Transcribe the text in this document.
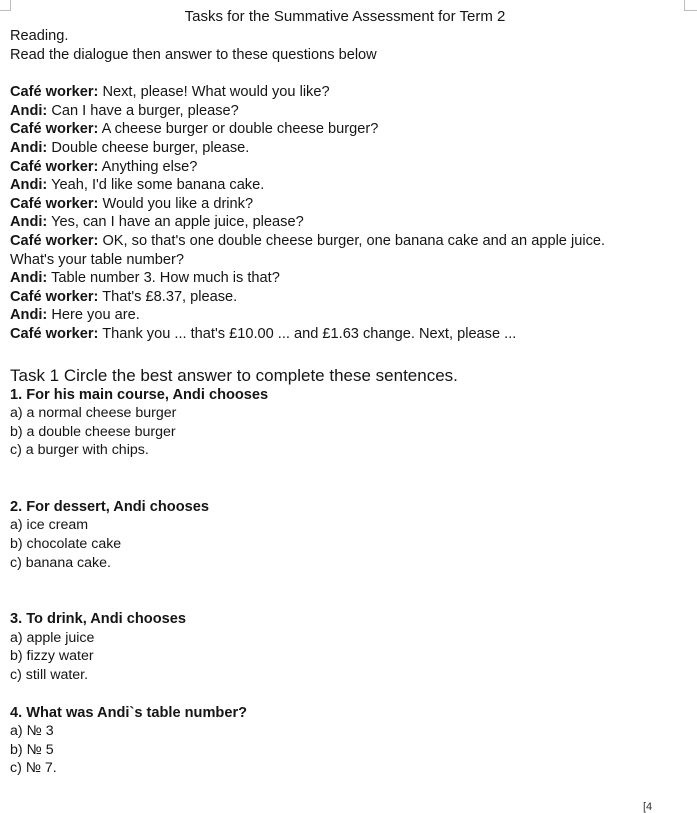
Tasks for the Summative Assessment for Term 2
Reading.
Read the dialogue then answer to these questions below
Café worker: Next, please! What would you like?
Andi: Can I have a burger, please?
Café worker: A cheese burger or double cheese burger?
Andi: Double cheese burger, please.
Café worker: Anything else?
Andi: Yeah, I'd like some banana cake.
Café worker: Would you like a drink?
Andi: Yes, can I have an apple juice, please?
Café worker: OK, so that's one double cheese burger, one banana cake and an apple juice.
What's your table number?
Andi: Table number 3. How much is that?
Café worker: That's £8.37, please.
Andi: Here you are.
Café worker: Thank you ... that's £10.00 ... and £1.63 change. Next, please ...
Task 1 Circle the best answer to complete these sentences.
1. For his main course, Andi chooses
a) a normal cheese burger
b) a double cheese burger
c) a burger with chips.
2. For dessert, Andi chooses
a) ice cream
b) chocolate cake
c) banana cake.
3. To drink, Andi chooses
a) apple juice
b) fizzy water
c) still water.
4. What was Andi`s table number?
a) № 3
b) № 5
c) № 7.
[4
